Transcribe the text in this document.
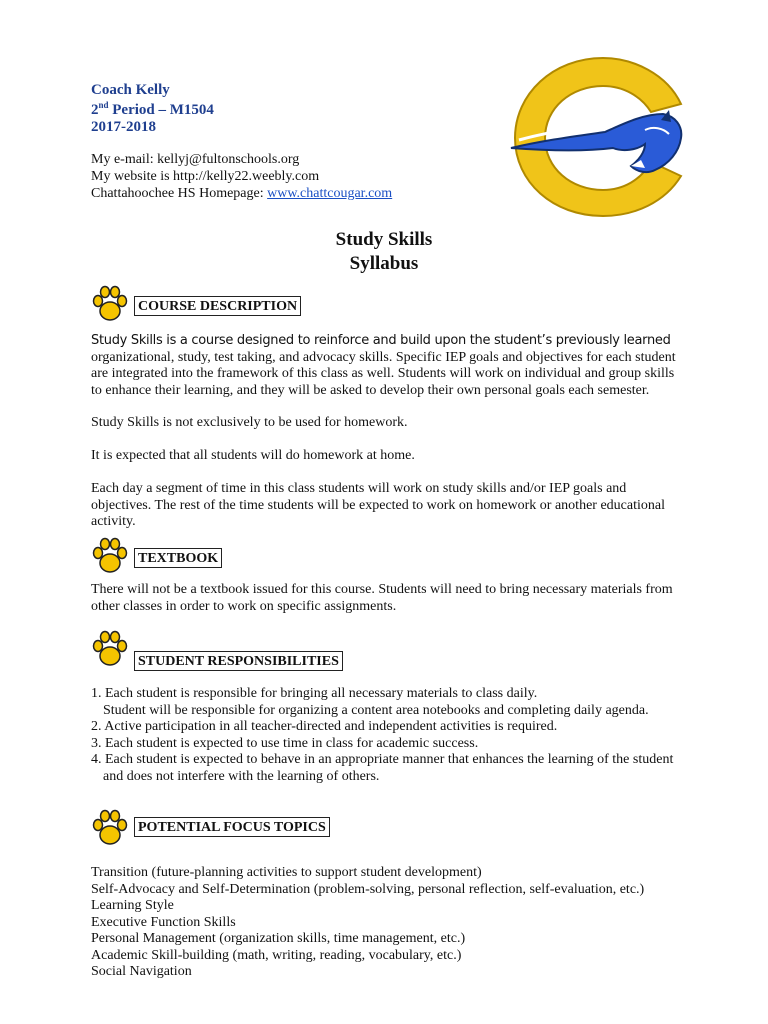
Coach Kelly
2nd Period – M1504
2017-2018
My e-mail: kellyj@fultonschools.org
My website is http://kelly22.weebly.com
Chattahoochee HS Homepage: www.chattcougar.com
Study Skills
Syllabus
COURSE DESCRIPTION
Study Skills is a course designed to reinforce and build upon the student’s previously learned organizational, study, test taking, and advocacy skills. Specific IEP goals and objectives for each student are integrated into the framework of this class as well. Students will work on individual and group skills to enhance their learning, and they will be asked to develop their own personal goals each semester.
Study Skills is not exclusively to be used for homework.
It is expected that all students will do homework at home.
Each day a segment of time in this class students will work on study skills and/or IEP goals and objectives. The rest of the time students will be expected to work on homework or another educational activity.
TEXTBOOK
There will not be a textbook issued for this course. Students will need to bring necessary materials from other classes in order to work on specific assignments.
STUDENT RESPONSIBILITIES
1. Each student is responsible for bringing all necessary materials to class daily.
Student will be responsible for organizing a content area notebooks and completing daily agenda.
2. Active participation in all teacher-directed and independent activities is required.
3. Each student is expected to use time in class for academic success.
4. Each student is expected to behave in an appropriate manner that enhances the learning of the student
and does not interfere with the learning of others.
POTENTIAL FOCUS TOPICS
Transition (future-planning activities to support student development)
Self-Advocacy and Self-Determination (problem-solving, personal reflection, self-evaluation, etc.)
Learning Style
Executive Function Skills
Personal Management (organization skills, time management, etc.)
Academic Skill-building (math, writing, reading, vocabulary, etc.)
Social Navigation
